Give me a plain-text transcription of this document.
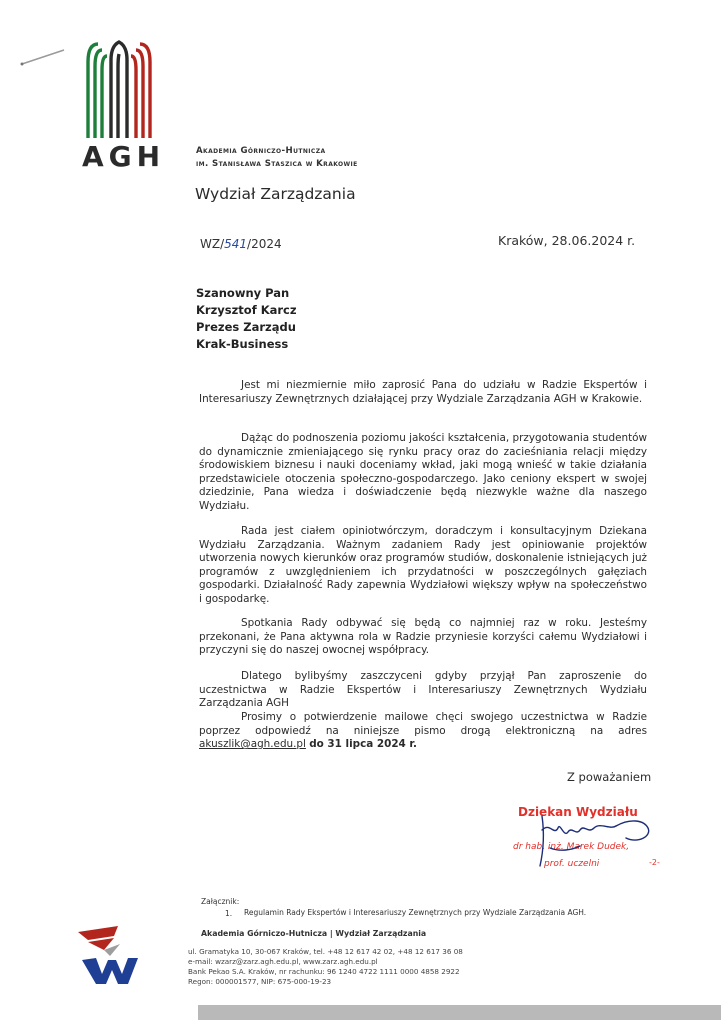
AGH	Akademia Górniczo-Hutnicza
im. Stanisława Staszica w Krakowie
Wydział Zarządzania
WZ/541/2024	Kraków, 28.06.2024 r.
Szanowny Pan
Krzysztof Karcz
Prezes Zarządu
Krak-Business

Jest mi niezmiernie miło zaprosić Pana do udziału w Radzie Ekspertów i Interesariuszy Zewnętrznych działającej przy Wydziale Zarządzania AGH w Krakowie.

Dążąc do podnoszenia poziomu jakości kształcenia, przygotowania studentów do dynamicznie zmieniającego się rynku pracy oraz do zacieśniania relacji między środowiskiem biznesu i nauki doceniamy wkład, jaki mogą wnieść w takie działania przedstawiciele otoczenia społeczno-gospodarczego. Jako ceniony ekspert w swojej dziedzinie, Pana wiedza i doświadczenie będą niezwykle ważne dla naszego Wydziału.

Rada jest ciałem opiniotwórczym, doradczym i konsultacyjnym Dziekana Wydziału Zarządzania. Ważnym zadaniem Rady jest opiniowanie projektów utworzenia nowych kierunków oraz programów studiów, doskonalenie istniejących już programów z uwzględnieniem ich przydatności w poszczególnych gałęziach gospodarki. Działalność Rady zapewnia Wydziałowi większy wpływ na społeczeństwo i gospodarkę.

Spotkania Rady odbywać się będą co najmniej raz w roku. Jesteśmy przekonani, że Pana aktywna rola w Radzie przyniesie korzyści całemu Wydziałowi i przyczyni się do naszej owocnej współpracy.

Dlatego bylibyśmy zaszczyceni gdyby przyjął Pan zaproszenie do uczestnictwa w Radzie Ekspertów i Interesariuszy Zewnętrznych Wydziału Zarządzania AGH

Prosimy o potwierdzenie mailowe chęci swojego uczestnictwa w Radzie poprzez odpowiedź na niniejsze pismo drogą elektroniczną na adres akuszlik@agh.edu.pl do 31 lipca 2024 r.

Z poważaniem
Dziekan Wydziału
dr hab. inż. Marek Dudek,
prof. uczelni	-2-
Załącznik:
1. Regulamin Rady Ekspertów i Interesariuszy Zewnętrznych przy Wydziale Zarządzania AGH.
Akademia Górniczo-Hutnicza | Wydział Zarządzania
ul. Gramatyka 10, 30-067 Kraków, tel. +48 12 617 42 02, +48 12 617 36 08
e-mail: wzarz@zarz.agh.edu.pl, www.zarz.agh.edu.pl
Bank Pekao S.A. Kraków, nr rachunku: 96 1240 4722 1111 0000 4858 2922
Regon: 000001577, NIP: 675-000-19-23
